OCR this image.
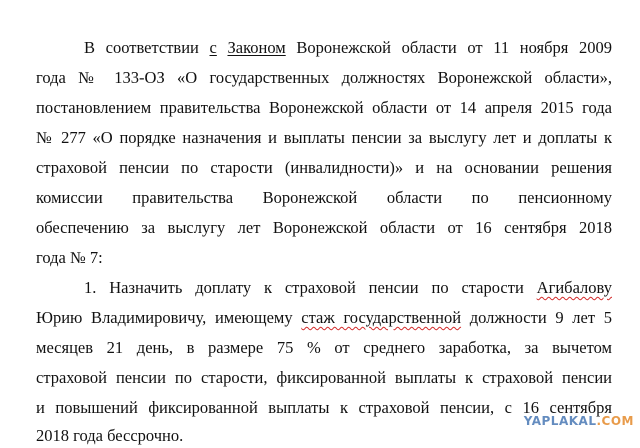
В соответствии с Законом Воронежской области от 11 ноября 2009
года № 133-ОЗ «О государственных должностях Воронежской области»,
постановлением правительства Воронежской области от 14 апреля 2015 года
№ 277 «О порядке назначения и выплаты пенсии за выслугу лет и доплаты к
страховой пенсии по старости (инвалидности)» и на основании решения
комиссии правительства Воронежской области по пенсионному
обеспечению за выслугу лет Воронежской области от 16 сентября 2018
года № 7:
1. Назначить доплату к страховой пенсии по старости Агибалову
Юрию Владимировичу, имеющему стаж государственной должности 9 лет 5
месяцев 21 день, в размере 75 % от среднего заработка, за вычетом
страховой пенсии по старости, фиксированной выплаты к страховой пенсии
и повышений фиксированной выплаты к страховой пенсии, с 16 сентября
2018 года бессрочно.
YAPLAKAL.COM
